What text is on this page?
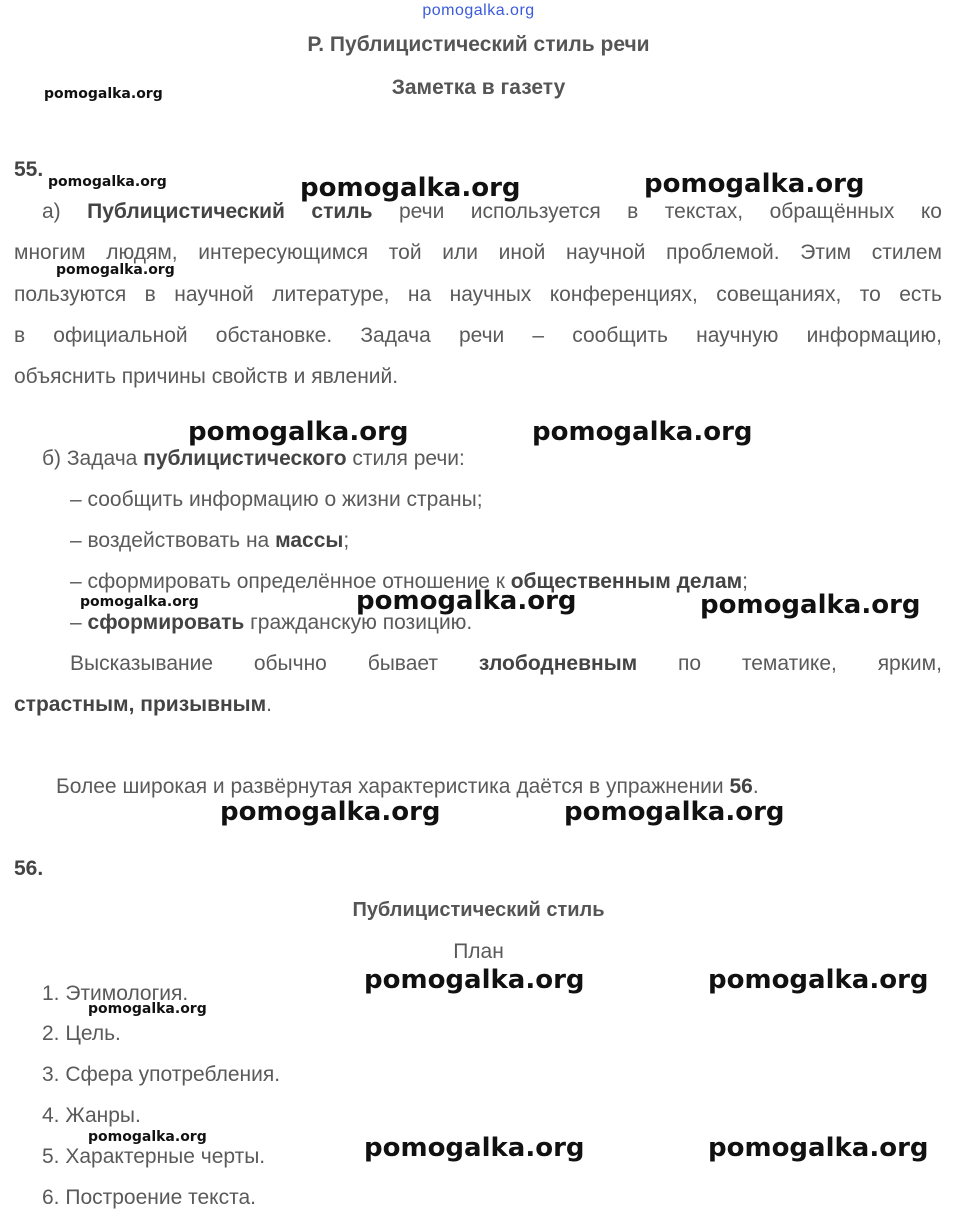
pomogalka.org
Р. Публицистический стиль речи
Заметка в газету
55.
а) Публицистический стиль речи используется в текстах, обращённых ко
многим людям, интересующимся той или иной научной проблемой. Этим стилем
пользуются в научной литературе, на научных конференциях, совещаниях, то есть
в официальной обстановке. Задача речи – сообщить научную информацию,
объяснить причины свойств и явлений.
б) Задача публицистического стиля речи:
– сообщить информацию о жизни страны;
– воздействовать на массы;
– сформировать определённое отношение к общественным делам;
– сформировать гражданскую позицию.
Высказывание обычно бывает злободневным по тематике, ярким,
страстным, призывным.
Более широкая и развёрнутая характеристика даётся в упражнении 56.
56.
Публицистический стиль
План
1. Этимология.
2. Цель.
3. Сфера употребления.
4. Жанры.
5. Характерные черты.
6. Построение текста.
pomogalka.org
pomogalka.org	pomogalka.org	pomogalka.org
pomogalka.org
pomogalka.org	pomogalka.org
pomogalka.org	pomogalka.org	pomogalka.org
pomogalka.org	pomogalka.org
pomogalka.org	pomogalka.org
pomogalka.org
pomogalka.org	pomogalka.org	pomogalka.org
